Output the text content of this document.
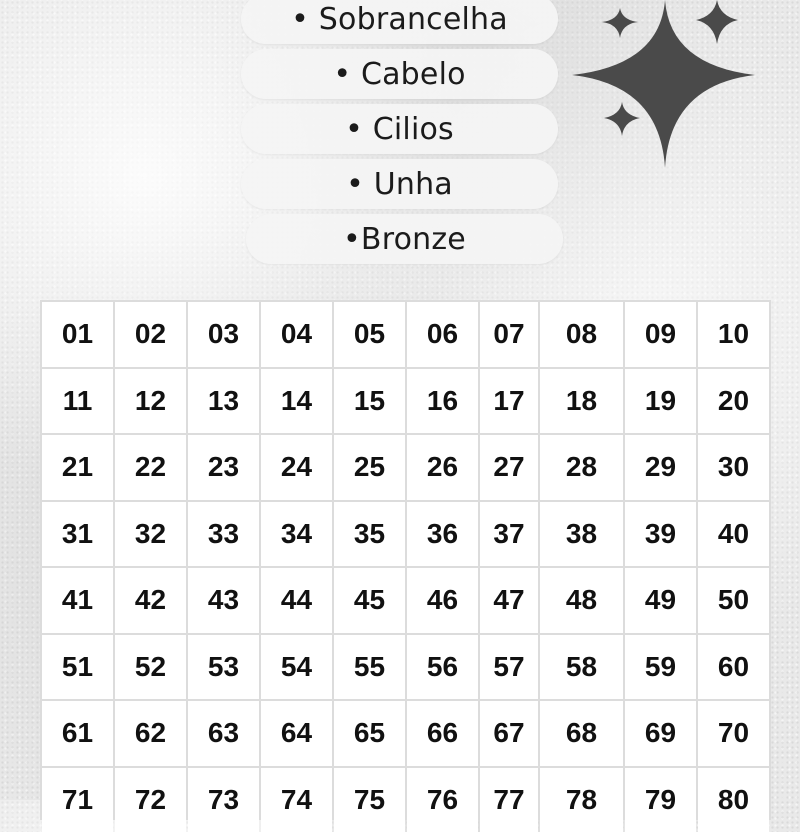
• Sobrancelha
• Cabelo
• Cilios
• Unha
•Bronze
01	02	03	04	05	06	07	08	09	10
11	12	13	14	15	16	17	18	19	20
21	22	23	24	25	26	27	28	29	30
31	32	33	34	35	36	37	38	39	40
41	42	43	44	45	46	47	48	49	50
51	52	53	54	55	56	57	58	59	60
61	62	63	64	65	66	67	68	69	70
71	72	73	74	75	76	77	78	79	80
